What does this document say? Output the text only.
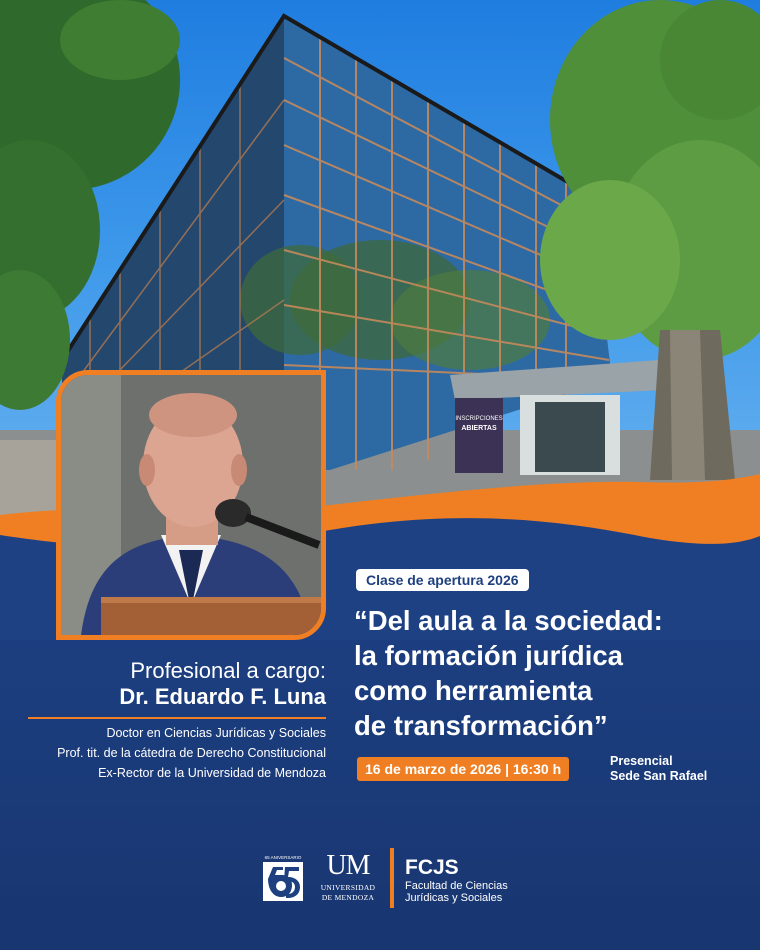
INSCRIPCIONES
ABIERTAS
Profesional a cargo:
Dr. Eduardo F. Luna
Doctor en Ciencias Jurídicas y Sociales
Prof. tit. de la cátedra de Derecho Constitucional
Ex-Rector de la Universidad de Mendoza
Clase de apertura 2026
“Del aula a la sociedad:
la formación jurídica
como herramienta
de transformación”
16 de marzo de 2026 | 16:30 h	Presencial
Sede San Rafael
65 ANIVERSARIO UM
UNIVERSIDAD
DE MENDOZA
FCJS
Facultad de Ciencias
Jurídicas y Sociales
